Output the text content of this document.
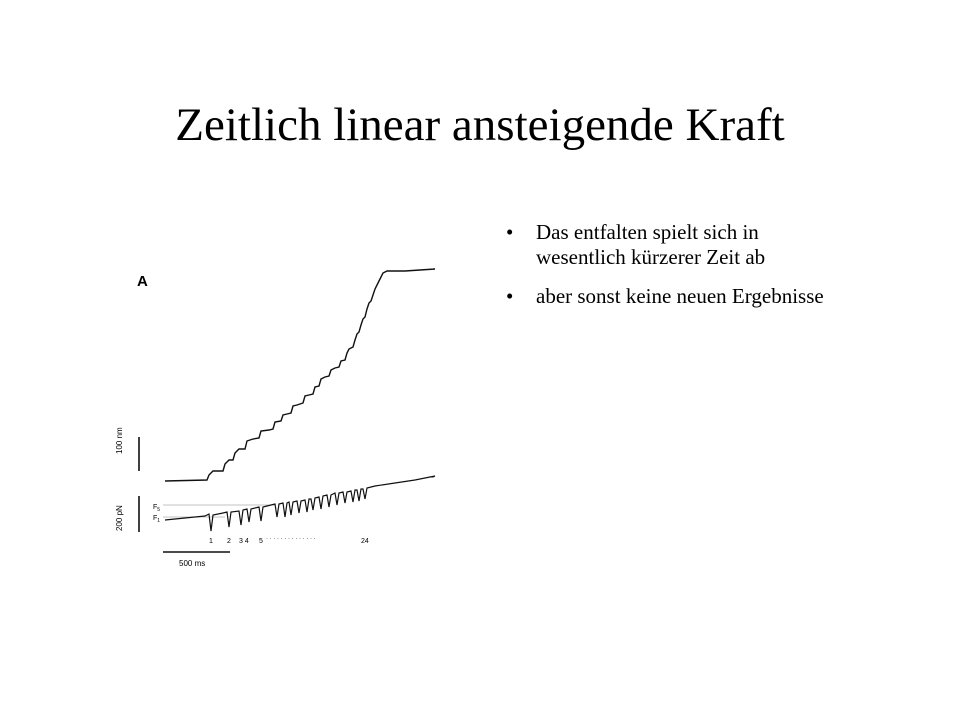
Zeitlich linear ansteigende Kraft
A
100 nm
200 pN	$F_5$
$F_1$
1 2 3 4 5 · · · · · · · · · · · · · ·	24
500 ms
• Das entfalten spielt sich in wesentlich kürzerer Zeit ab
• aber sonst keine neuen Ergebnisse
